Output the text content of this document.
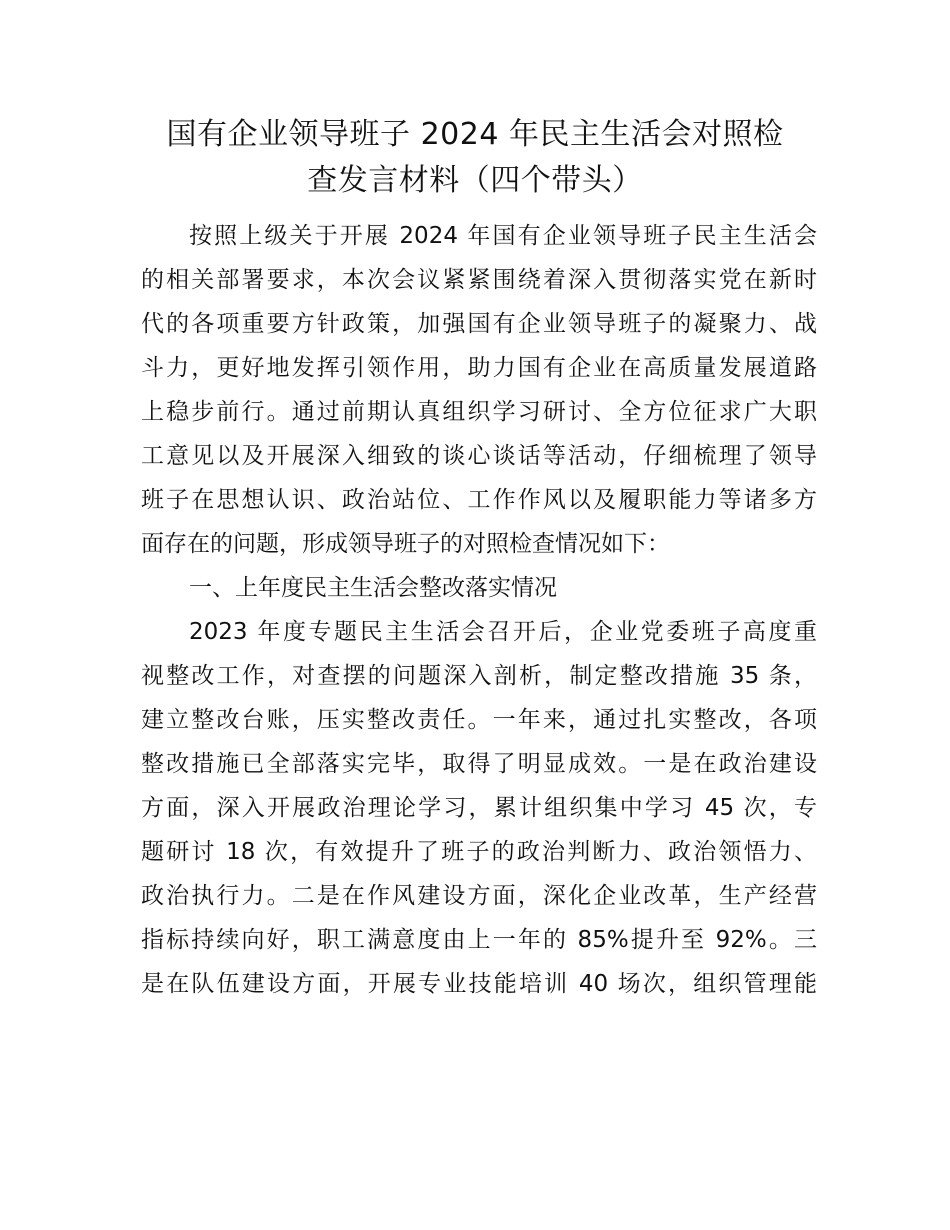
国有企业领导班子 2024 年民主生活会对照检
查发言材料（四个带头）
按照上级关于开展 2024 年国有企业领导班子民主生活会
的相关部署要求，本次会议紧紧围绕着深入贯彻落实党在新时
代的各项重要方针政策，加强国有企业领导班子的凝聚力、战
斗力，更好地发挥引领作用，助力国有企业在高质量发展道路
上稳步前行。通过前期认真组织学习研讨、全方位征求广大职
工意见以及开展深入细致的谈心谈话等活动，仔细梳理了领导
班子在思想认识、政治站位、工作作风以及履职能力等诸多方
面存在的问题，形成领导班子的对照检查情况如下：
一、上年度民主生活会整改落实情况
2023 年度专题民主生活会召开后，企业党委班子高度重
视整改工作，对查摆的问题深入剖析，制定整改措施 35 条，
建立整改台账，压实整改责任。一年来，通过扎实整改，各项
整改措施已全部落实完毕，取得了明显成效。一是在政治建设
方面，深入开展政治理论学习，累计组织集中学习 45 次，专
题研讨 18 次，有效提升了班子的政治判断力、政治领悟力、
政治执行力。二是在作风建设方面，深化企业改革，生产经营
指标持续向好，职工满意度由上一年的 85%提升至 92%。三
是在队伍建设方面，开展专业技能培训 40 场次，组织管理能
